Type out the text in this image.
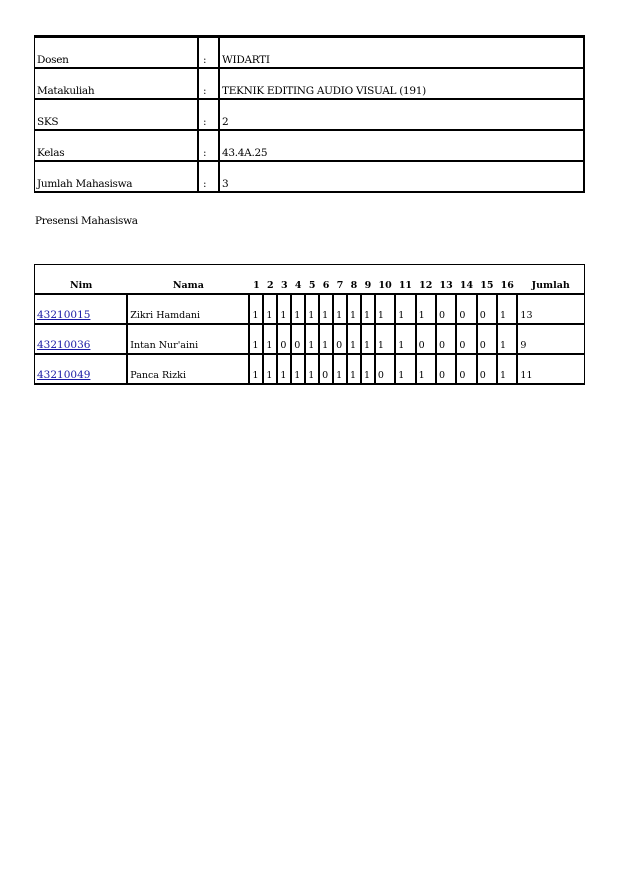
Dosen	:	WIDARTI
Matakuliah	:	TEKNIK EDITING AUDIO VISUAL (191)
SKS	:	2
Kelas	:	43.4A.25
Jumlah Mahasiswa	:	3
Presensi Mahasiswa
Nim	Nama	1	2	3	4	5	6	7	8	9	10	11	12	13	14	15	16	Jumlah
43210015	Zikri Hamdani	1	1	1	1	1	1	1	1	1	1	1	1	0	0	0	1	13
43210036	Intan Nur'aini	1	1	0	0	1	1	0	1	1	1	1	0	0	0	0	1	9
43210049	Panca Rizki	1	1	1	1	1	0	1	1	1	0	1	1	0	0	0	1	11
